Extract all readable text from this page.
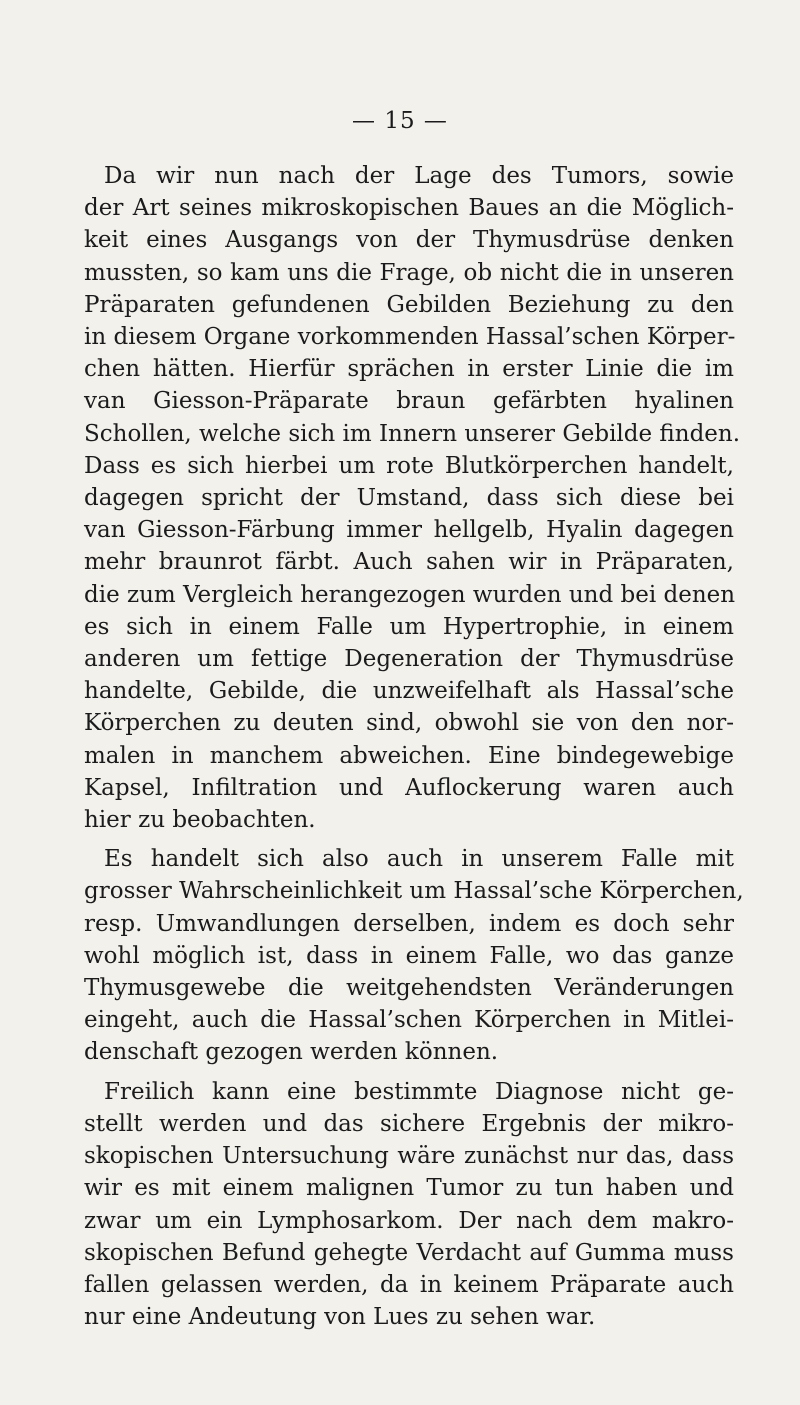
— 15 —
Da wir nun nach der Lage des Tumors, sowie
der Art seines mikroskopischen Baues an die Möglich-
keit eines Ausgangs von der Thymusdrüse denken
mussten, so kam uns die Frage, ob nicht die in unseren
Präparaten gefundenen Gebilden Beziehung zu den
in diesem Organe vorkommenden Hassal’schen Körper-
chen hätten. Hierfür sprächen in erster Linie die im
van Giesson-Präparate braun gefärbten hyalinen
Schollen, welche sich im Innern unserer Gebilde finden.
Dass es sich hierbei um rote Blutkörperchen handelt,
dagegen spricht der Umstand, dass sich diese bei
van Giesson-Färbung immer hellgelb, Hyalin dagegen
mehr braunrot färbt. Auch sahen wir in Präparaten,
die zum Vergleich herangezogen wurden und bei denen
es sich in einem Falle um Hypertrophie, in einem
anderen um fettige Degeneration der Thymusdrüse
handelte, Gebilde, die unzweifelhaft als Hassal’sche
Körperchen zu deuten sind, obwohl sie von den nor-
malen in manchem abweichen. Eine bindegewebige
Kapsel, Infiltration und Auflockerung waren auch
hier zu beobachten.
Es handelt sich also auch in unserem Falle mit
grosser Wahrscheinlichkeit um Hassal’sche Körperchen,
resp. Umwandlungen derselben, indem es doch sehr
wohl möglich ist, dass in einem Falle, wo das ganze
Thymusgewebe die weitgehendsten Veränderungen
eingeht, auch die Hassal’schen Körperchen in Mitlei-
denschaft gezogen werden können.
Freilich kann eine bestimmte Diagnose nicht ge-
stellt werden und das sichere Ergebnis der mikro-
skopischen Untersuchung wäre zunächst nur das, dass
wir es mit einem malignen Tumor zu tun haben und
zwar um ein Lymphosarkom. Der nach dem makro-
skopischen Befund gehegte Verdacht auf Gumma muss
fallen gelassen werden, da in keinem Präparate auch
nur eine Andeutung von Lues zu sehen war.
